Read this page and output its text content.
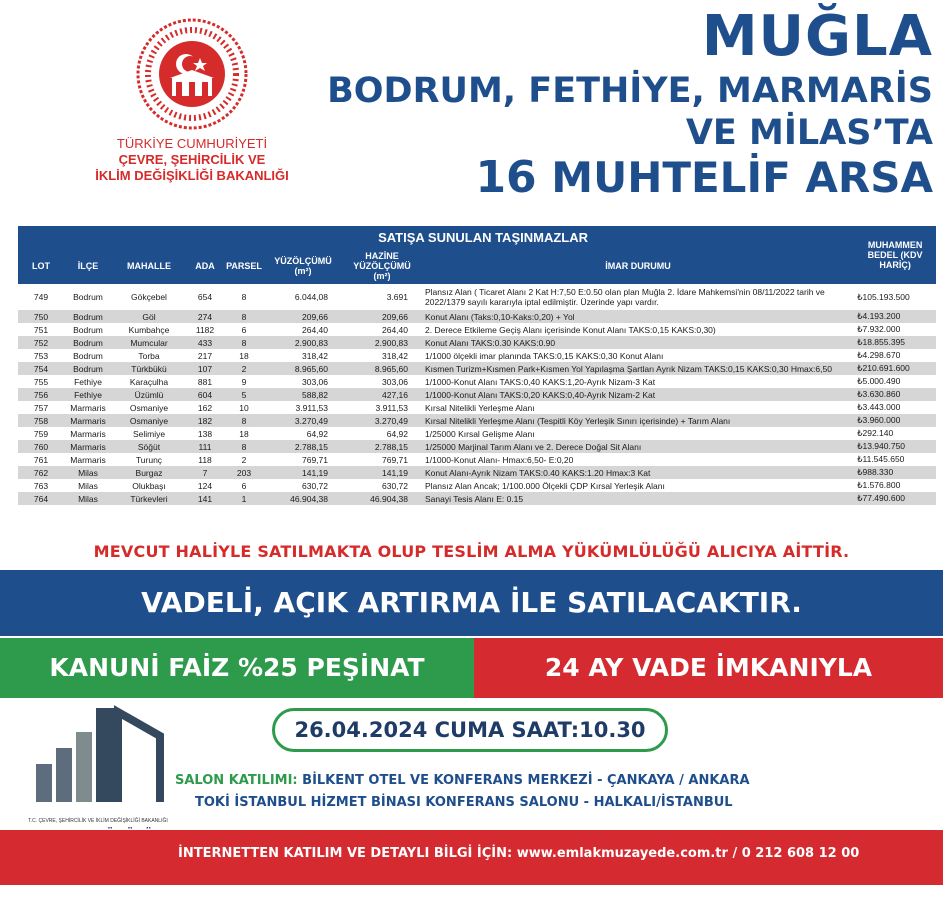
TÜRKİYE CUMHURİYETİ
ÇEVRE, ŞEHİRCİLİK VE
İKLİM DEĞİŞİKLİĞİ BAKANLIĞI
MUĞLA
BODRUM, FETHİYE, MARMARİS
VE MİLAS’TA
16 MUHTELİF ARSA
		SATIŞA SUNULAN TAŞINMAZLAR						MUHAMMEN BEDEL (KDV HARİÇ)
LOT	İLÇE	MAHALLE	ADA	PARSEL	YÜZÖLÇÜMÜ (m²)	HAZİNE YÜZÖLÇÜMÜ (m²)	İMAR DURUMU	
749	Bodrum	Gökçebel	654	8	6.044,08	3.691	Plansız Alan ( Ticaret Alanı 2 Kat H:7,50 E:0.50 olan plan Muğla 2. İdare Mahkemsi'nin 08/11/2022 tarih ve 2022/1379 sayılı kararıyla iptal edilmiştir. Üzerinde yapı vardır.	₺105.193.500
750	Bodrum	Göl	274	8	209,66	209,66	Konut Alanı (Taks:0,10-Kaks:0,20) + Yol	₺4.193.200
751	Bodrum	Kumbahçe	1182	6	264,40	264,40	2. Derece Etkileme Geçiş Alanı içerisinde Konut Alanı TAKS:0,15 KAKS:0,30)	₺7.932.000
752	Bodrum	Mumcular	433	8	2.900,83	2.900,83	Konut Alanı TAKS:0.30 KAKS:0.90	₺18.855.395
753	Bodrum	Torba	217	18	318,42	318,42	1/1000 ölçekli imar planında TAKS:0,15 KAKS:0,30 Konut Alanı	₺4.298.670
754	Bodrum	Türkbükü	107	2	8.965,60	8.965,60	Kısmen Turizm+Kısmen Park+Kısmen Yol Yapılaşma Şartları Ayrık Nizam TAKS:0,15 KAKS:0,30 Hmax:6,50	₺210.691.600
755	Fethiye	Karaçulha	881	9	303,06	303,06	1/1000-Konut Alanı TAKS:0,40 KAKS:1,20-Ayrık Nizam-3 Kat	₺5.000.490
756	Fethiye	Üzümlü	604	5	588,82	427,16	1/1000-Konut Alanı TAKS:0,20 KAKS:0,40-Ayrık Nizam-2 Kat	₺3.630.860
757	Marmaris	Osmaniye	162	10	3.911,53	3.911,53	Kırsal Nitelikli Yerleşme Alanı	₺3.443.000
758	Marmaris	Osmaniye	182	8	3.270,49	3.270,49	Kırsal Nitelikli Yerleşme Alanı (Tespitli Köy Yerleşik Sınırı içerisinde) + Tarım Alanı	₺3.960.000
759	Marmaris	Selimiye	138	18	64,92	64,92	1/25000 Kırsal Gelişme Alanı	₺292.140
760	Marmaris	Söğüt	111	8	2.788,15	2.788,15	1/25000 Marjinal Tarım Alanı ve 2. Derece Doğal Sit Alanı	₺13.940.750
761	Marmaris	Turunç	118	2	769,71	769,71	1/1000-Konut Alanı- Hmax:6,50- E:0,20	₺11.545.650
762	Milas	Burgaz	7	203	141,19	141,19	Konut Alanı-Ayrık Nizam TAKS:0.40 KAKS:1.20 Hmax:3 Kat	₺988.330
763	Milas	Olukbaşı	124	6	630,72	630,72	Plansız Alan Ancak; 1/100.000 Ölçekli ÇDP Kırsal Yerleşik Alanı	₺1.576.800
764	Milas	Türkevleri	141	1	46.904,38	46.904,38	Sanayi Tesis Alanı E: 0.15	₺77.490.600
MEVCUT HALİYLE SATILMAKTA OLUP TESLİM ALMA YÜKÜMLÜLÜĞÜ ALICIYA AİTTİR.
VADELİ, AÇIK ARTIRMA İLE SATILACAKTIR.
KANUNİ FAİZ %25 PEŞİNAT	24 AY VADE İMKANIYLA
T.C. ÇEVRE, ŞEHİRCİLİK VE İKLİM DEĞİŞİKLİĞİ BAKANLIĞI
26.04.2024 CUMA SAAT:10.30
SALON KATILIMI: BİLKENT OTEL VE KONFERANS MERKEZİ - ÇANKAYA / ANKARA
TOKİ İSTANBUL HİZMET BİNASI KONFERANS SALONU - HALKALI/İSTANBUL
İNTERNETTEN KATILIM VE DETAYLI BİLGİ İÇİN: www.emlakmuzayede.com.tr / 0 212 608 12 00
